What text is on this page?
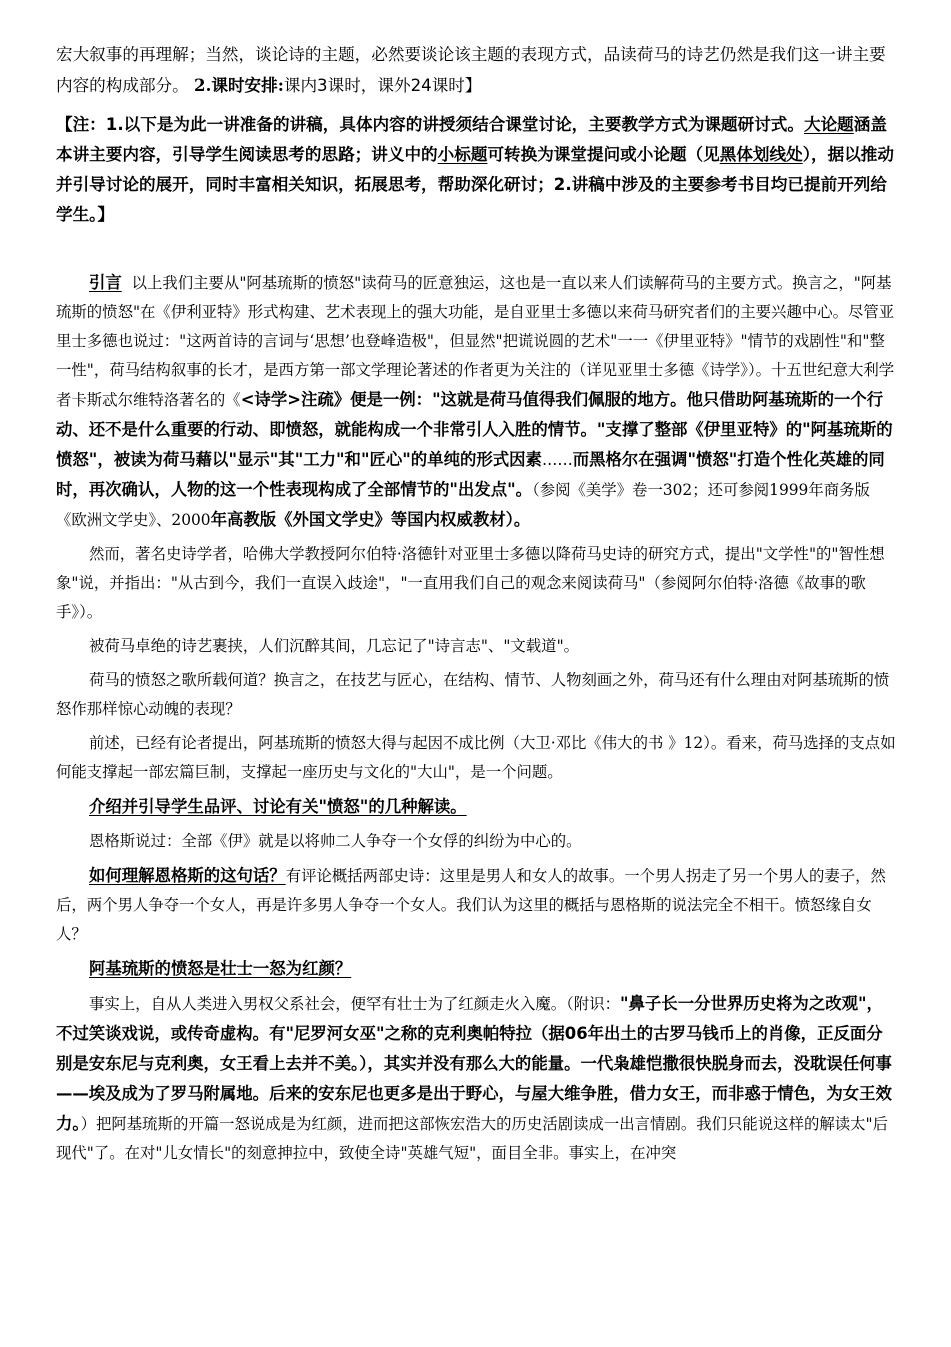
宏大叙事的再理解；当然，谈论诗的主题，必然要谈论该主题的表现方式，品读荷马的诗艺仍然是我们这一讲主要内容的构成部分。 2.课时安排:课内3课时，课外24课时】

【注：1.以下是为此一讲准备的讲稿，具体内容的讲授须结合课堂讨论，主要教学方式为课题研讨式。大论题涵盖本讲主要内容，引导学生阅读思考的思路；讲义中的小标题可转换为课堂提问或小论题（见黑体划线处），据以推动并引导讨论的展开，同时丰富相关知识，拓展思考，帮助深化研讨；2.讲稿中涉及的主要参考书目均已提前开列给学生。】

引言 以上我们主要从"阿基琉斯的愤怒"读荷马的匠意独运，这也是一直以来人们读解荷马的主要方式。换言之，"阿基琉斯的愤怒"在《伊利亚特》形式构建、艺术表现上的强大功能，是自亚里士多德以来荷马研究者们的主要兴趣中心。尽管亚里士多德也说过："这两首诗的言词与‘思想’也登峰造极"，但显然"把谎说圆的艺术"一一《伊里亚特》"情节的戏剧性"和"整一性"，荷马结构叙事的长才，是西方第一部文学理论著述的作者更为关注的（详见亚里士多德《诗学》）。十五世纪意大利学者卡斯忒尔维特洛著名的《<诗学>注疏》便是一例："这就是荷马值得我们佩服的地方。他只借助阿基琉斯的一个行动、还不是什么重要的行动、即愤怒，就能构成一个非常引人入胜的情节。"支撑了整部《伊里亚特》的"阿基琉斯的愤怒"，被读为荷马藉以"显示"其"工力"和"匠心"的单纯的形式因素……而黑格尔在强调"愤怒"打造个性化英雄的同时，再次确认，人物的这一个性表现构成了全部情节的"出发点"。（参阅《美学》卷一302；还可参阅1999年商务版《欧洲文学史》、2000年高教版《外国文学史》等国内权威教材）。

然而，著名史诗学者，哈佛大学教授阿尔伯特·洛德针对亚里士多德以降荷马史诗的研究方式，提出"文学性"的"智性想象"说，并指出："从古到今，我们一直误入歧途"，"一直用我们自己的观念来阅读荷马"（参阅阿尔伯特·洛德《故事的歌手》）。

被荷马卓绝的诗艺裹挟，人们沉醉其间，几忘记了"诗言志"、"文载道"。

荷马的愤怒之歌所载何道？换言之，在技艺与匠心，在结构、情节、人物刻画之外，荷马还有什么理由对阿基琉斯的愤怒作那样惊心动魄的表现？

前述，已经有论者提出，阿基琉斯的愤怒大得与起因不成比例（大卫·邓比《伟大的书 》12）。看来，荷马选择的支点如何能支撑起一部宏篇巨制，支撑起一座历史与文化的"大山"，是一个问题。

介绍并引导学生品评、讨论有关"愤怒"的几种解读。

恩格斯说过：全部《伊》就是以将帅二人争夺一个女俘的纠纷为中心的。

如何理解恩格斯的这句话？有评论概括两部史诗：这里是男人和女人的故事。一个男人拐走了另一个男人的妻子，然后，两个男人争夺一个女人，再是许多男人争夺一个女人。我们认为这里的概括与恩格斯的说法完全不相干。愤怒缘自女人？

阿基琉斯的愤怒是壮士一怒为红颜？

事实上，自从人类进入男权父系社会，便罕有壮士为了红颜走火入魔。（附识："鼻子长一分世界历史将为之改观"，不过笑谈戏说，或传奇虚构。有"尼罗河女巫"之称的克利奥帕特拉（据06年出土的古罗马钱币上的肖像，正反面分别是安东尼与克利奥，女王看上去并不美。），其实并没有那么大的能量。一代枭雄恺撒很快脱身而去，没耽误任何事——埃及成为了罗马附属地。后来的安东尼也更多是出于野心，与屋大维争胜，借力女王，而非惑于情色，为女王效力。）把阿基琉斯的开篇一怒说成是为红颜，进而把这部恢宏浩大的历史活剧读成一出言情剧。我们只能说这样的解读太"后现代"了。在对"儿女情长"的刻意抻拉中，致使全诗"英雄气短"，面目全非。事实上，在冲突
